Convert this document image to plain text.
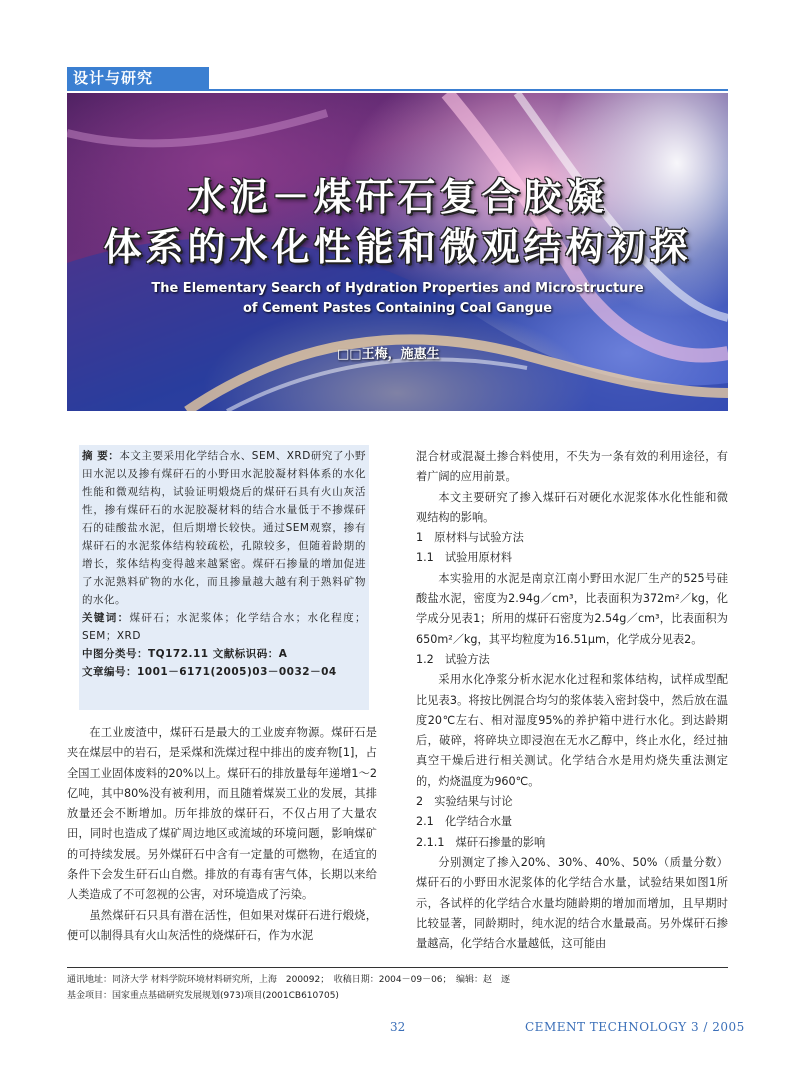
设计与研究
水泥－煤矸石复合胶凝
体系的水化性能和微观结构初探
The Elementary Search of Hydration Properties and Microstructure
of Cement Pastes Containing Coal Gangue
□□王梅，施惠生

摘 要：本文主要采用化学结合水、SEM、XRD研究了小野田水泥以及掺有煤矸石的小野田水泥胶凝材料体系的水化性能和微观结构，试验证明煅烧后的煤矸石具有火山灰活性，掺有煤矸石的水泥胶凝材料的结合水量低于不掺煤矸石的硅酸盐水泥，但后期增长较快。通过SEM观察，掺有煤矸石的水泥浆体结构较疏松，孔隙较多，但随着龄期的增长，浆体结构变得越来越紧密。煤矸石掺量的增加促进了水泥熟料矿物的水化，而且掺量越大越有利于熟料矿物的水化。

关键词：煤矸石；水泥浆体；化学结合水；水化程度；SEM；XRD

中图分类号：TQ172.11 文献标识码：A

文章编号：1001－6171(2005)03－0032－04

在工业废渣中，煤矸石是最大的工业废弃物源。煤矸石是夹在煤层中的岩石，是采煤和洗煤过程中排出的废弃物[1]，占全国工业固体废料的20%以上。煤矸石的排放量每年递增1～2亿吨，其中80%没有被利用，而且随着煤炭工业的发展，其排放量还会不断增加。历年排放的煤矸石，不仅占用了大量农田，同时也造成了煤矿周边地区或流域的环境问题，影响煤矿的可持续发展。另外煤矸石中含有一定量的可燃物，在适宜的条件下会发生矸石山自燃。排放的有毒有害气体，长期以来给人类造成了不可忽视的公害，对环境造成了污染。

虽然煤矸石只具有潜在活性，但如果对煤矸石进行煅烧，便可以制得具有火山灰活性的烧煤矸石，作为水泥

混合材或混凝土掺合料使用，不失为一条有效的利用途径，有着广阔的应用前景。

本文主要研究了掺入煤矸石对硬化水泥浆体水化性能和微观结构的影响。

1　原材料与试验方法

1.1　试验用原材料

本实验用的水泥是南京江南小野田水泥厂生产的525号硅酸盐水泥，密度为2.94g／cm³，比表面积为372m²／kg，化学成分见表1；所用的煤矸石密度为2.54g／cm³，比表面积为650m²／kg，其平均粒度为16.51μm，化学成分见表2。

1.2　试验方法

采用水化净浆分析水泥水化过程和浆体结构，试样成型配比见表3。将按比例混合均匀的浆体装入密封袋中，然后放在温度20℃左右、相对湿度95%的养护箱中进行水化。到达龄期后，破碎，将碎块立即浸泡在无水乙醇中，终止水化，经过抽真空干燥后进行相关测试。化学结合水是用灼烧失重法测定的，灼烧温度为960℃。

2　实验结果与讨论

2.1　化学结合水量

2.1.1　煤矸石掺量的影响

分别测定了掺入20%、30%、40%、50%（质量分数）煤矸石的小野田水泥浆体的化学结合水量，试验结果如图1所示，各试样的化学结合水量均随龄期的增加而增加，且早期时比较显著，同龄期时，纯水泥的结合水量最高。另外煤矸石掺量越高，化学结合水量越低，这可能由

通讯地址：同济大学 材料学院环境材料研究所，上海　200092；　收稿日期：2004－09－06；　编辑：赵　逐
基金项目：国家重点基础研究发展规划(973)项目(2001CB610705)
32	CEMENT TECHNOLOGY 3 / 2005
